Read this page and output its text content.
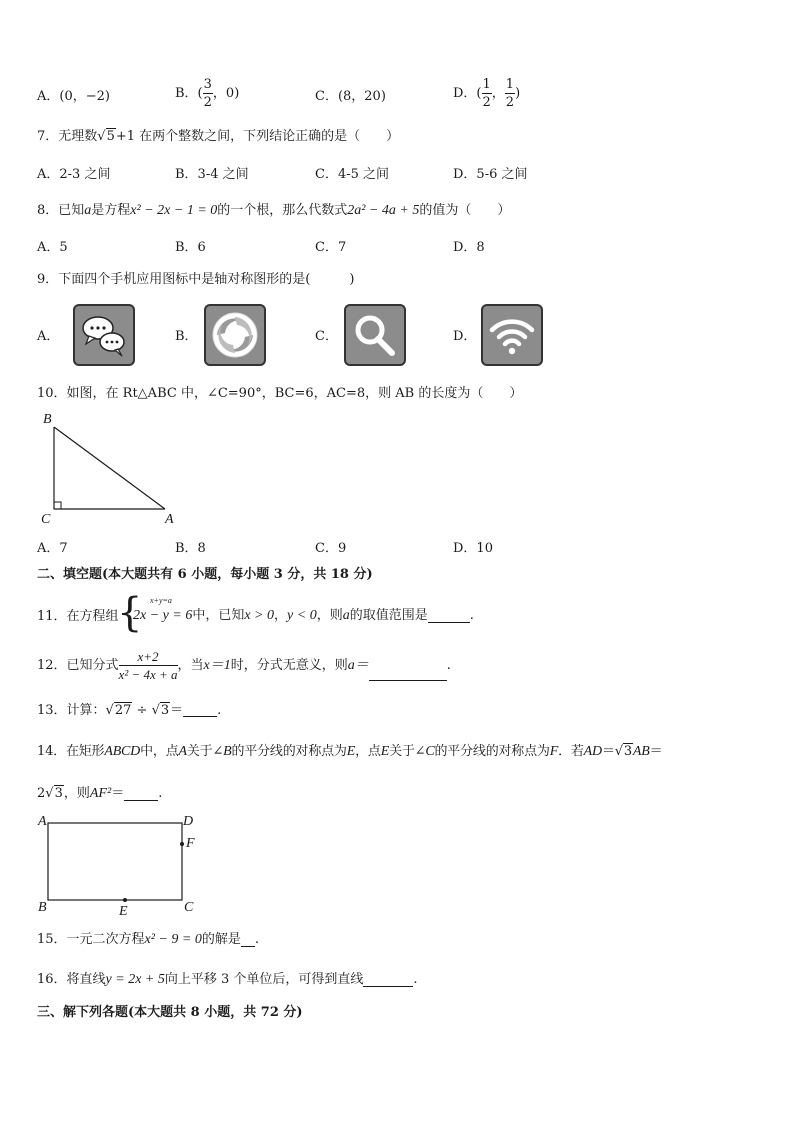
A．(0，−2)	B．( $\frac{3}{2}$ ，0)	C．(8，20)	D．( $\frac{1}{2}$ ， $\frac{1}{2}$ )
7．无理数√5+1 在两个整数之间，下列结论正确的是（　　）
A．2-3 之间	B．3-4 之间	C．4-5 之间	D．5-6 之间
8．已知a是方程x² − 2x − 1 = 0的一个根，那么代数式2a² − 4a + 5的值为（　　）
A．5	B．6	C．7	D．8
9．下面四个手机应用图标中是轴对称图形的是(　　　)
A．	B．	C．	D．
10．如图，在 Rt△ABC 中，∠C=90°，BC=6，AC=8，则 AB 的长度为（　　）
B
C	A
A．7	B．8	C．9	D．10
二、填空题(本大题共有 6 小题，每小题 3 分，共 18 分)
11．在方程组
{ x+y=a
2x − y = 6中，已知x > 0，y < 0，则a的取值范围是	.
12．已知分式 $\frac{x+2}{\text{x² − 4x + a}}$ ，当x＝1时，分式无意义，则a＝	.
13．计算：√27 ÷ √3＝	.
14．在矩形ABCD中，点A关于∠B的平分线的对称点为E，点E关于∠C的平分线的对称点为F．若AD＝√3AB＝
2√3，则AF²＝	.
A	D
F
B	E	C
15．一元二次方程x² − 9 = 0的解是 .
16．将直线y = 2x + 5向上平移 3 个单位后，可得到直线	.
三、解下列各题(本大题共 8 小题，共 72 分)
